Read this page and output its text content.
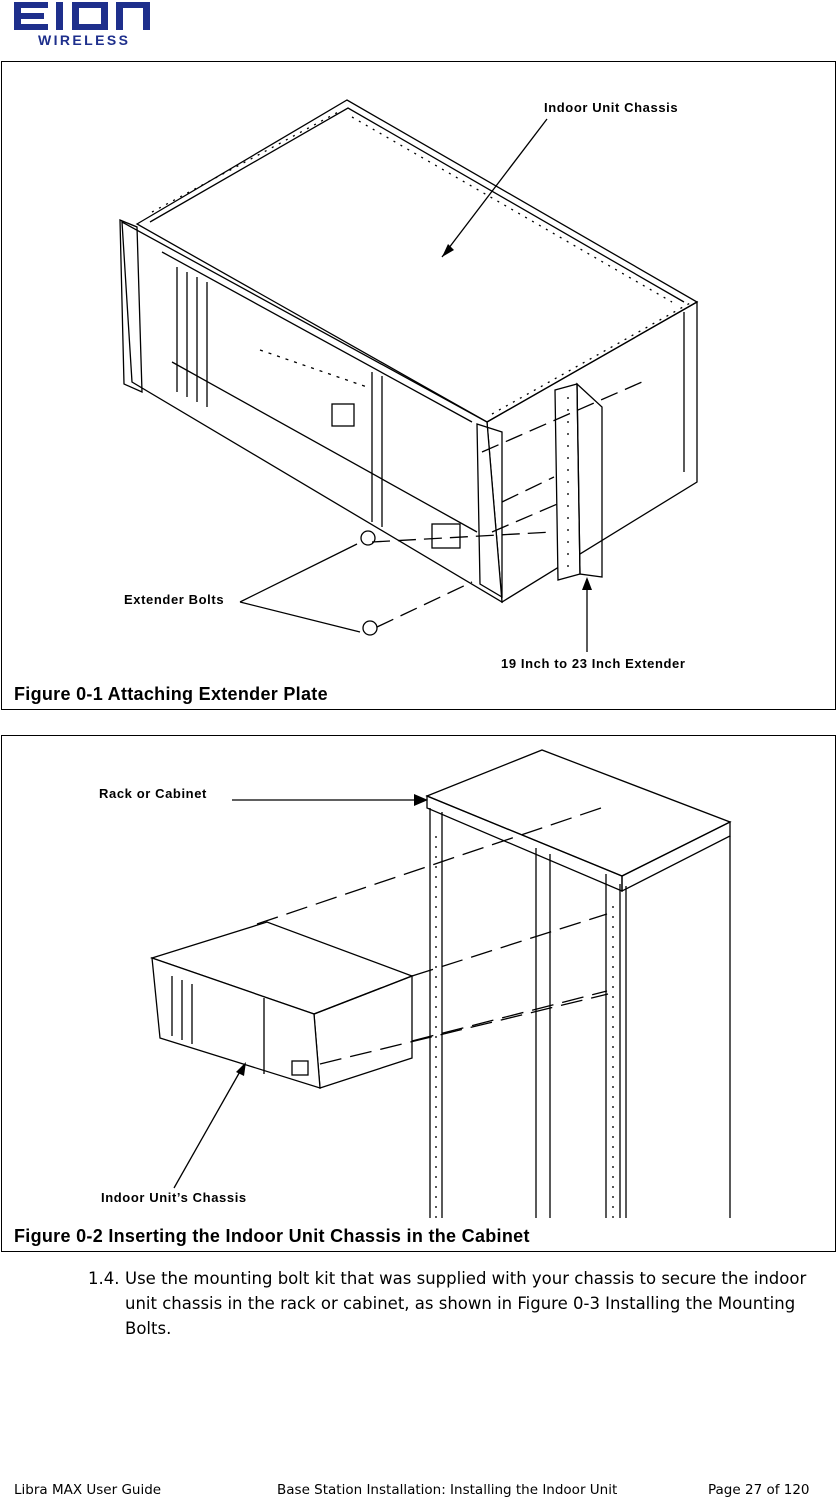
WIRELESS
Indoor Unit Chassis
Extender Bolts
19 Inch to 23 Inch Extender
Figure 0-1 Attaching Extender Plate
Rack or Cabinet
Indoor Unit’s Chassis
Figure 0-2 Inserting the Indoor Unit Chassis in the Cabinet
1.4. Use the mounting bolt kit that was supplied with your chassis to secure the indoor unit chassis in the rack or cabinet, as shown in Figure 0-3 Installing the Mounting Bolts.
Libra MAX User Guide	Base Station Installation: Installing the Indoor Unit	Page 27 of 120
